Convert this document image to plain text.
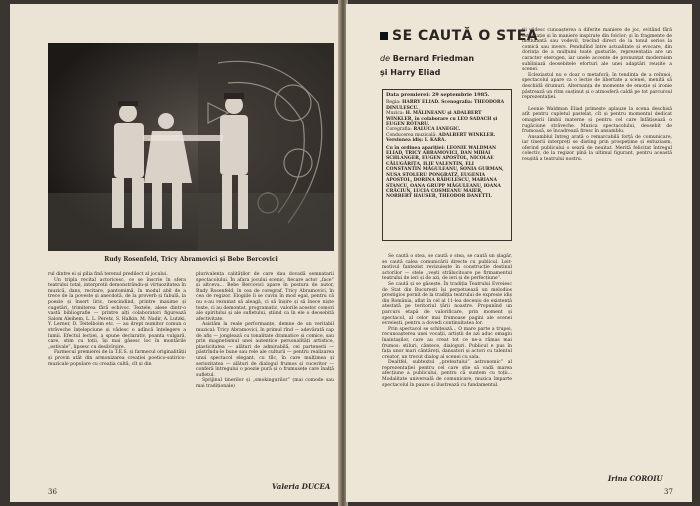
Rudy Rosenfeld, Tricy Abramovici și Bebe Bercovici

rul dintre ei și pilia fină terenul predilect al jocului.

Un tripla recital actoricesc, ce se înscrie în sfera teatrului total, interpretii demonstrându-și virtuozitatea în muzică, dans, recitare, pantomimă, în modul abil de a trece de la poveste și anecdotă, de la proverb și fabulă, la poezie și însert liric, nescindind, printre maxime și cugetări, trimiterea fără echivoc. Textele, alese dintr-o vastă bibliografie — printre alți colaboratori figurează Salom Aleihem, L. L. Peretz, S. Halkin, M. Nadir, A. Lutzki, Y. Lerner, D. Teitelboim etc. — au drept numitor comun o străveche înțelepciune și vădesc o adîncă înțelegere a lumii. Efectul lecției, a spune declarativ, poanta vulgară, care, stim cu toții, își mai găsesc loc în montările „estivale”, lipsesc cu desăvîrșire.

Farmecul premierei de la T.E.S. și farmecul originalității și provin atât din armonizarea creației poetico-satirico-muzicale populare cu creația cultă, cît și din

plurivalența calităților de care dau dovadă semnatarii spectacolului. În afara jocului scenic, fiecare actor „face” și altceva... Bebe Bercovici apare în postura de autor, Rudy Rosenfeld, în cea de coregraf, Tricy Abramovici, în cea de regizor. Elogiile îi se cuvin în mod egal, pentru că nu s-au rezumat să aleagă, ci să înșire și să înece niște texte, ci au demontat, programatic, valorile acestor comori ale spiritului și ale sufletului, știind ca în ele o deosebită afectivitate.

Asistăm la reale performanțe, demne de un veritabil muzical: Tricy Abramovici, în primul rînd — adevărată cap de afiș — jonglează cu tonalitate dramatice și comice, sau prin magnetismul unei autentice personalități artistice, plasticitatea — alături de admirabilă, cei partenerii — păstrîndu-le bune sau rele ale culturii — pentru realizarea unui spectacol elegant, cu tîlc, în care mulțimea și seriozitatea — alături de dialogul frumos și cuceritor — conferă întregului o poezie pură și o frumusețe care înalță sufletul.

Sprijinul tinerilor și „smokingurilor” (mai comode sau mai tradiționale)

Valeria DUCEA
36
SE CAUTĂ O STEA
de Bernard Friedman
și Harry Eliad
Data premierei: 29 septembrie 1985.
Regia: HARRY ELIAD. Scenografia: THEODORA DINULESCU.
Muzica: H. MĂLINEANU și ADALBERT WINKLER, în colaborare cu LEO SADACH și EUGEN ROTARU.
Coregrafia: RALUCA IANEGIC.
Conducerea muzicală: ADALBERT WINKLER. Versiunea idiș: I. KARA.
Cu în ordinea apariției: LEONIE WALDMAN ELIAD, TRICY ABRAMOVICI, DAN MIHAI SCHLANGER, EUGEN APOSTOL, NICOLAE CĂLUGĂRIȚA, ILIE VALENTIN, ELI CONSTANTIN MĂGULEANU, SONIA GURMAN, NUSA STOLERU PONGRATZ, EUGENIA APOSTOL, DORINA RĂDULESCU, MARIANA STANCU, OANA GRUPP MĂGULEANU, IOANA CRĂCIUN, LUCIA COSMEANU MAIER, NORBERT HAUSER, THEODOR DANETTI.

Se caută o stea, se caută o stea, se caută un șlagăr, se caută calea comunicării directe cu publicul. Leit-motivul fantezist revizuiește în construcție destinul actorilor — stele „vești strălucitoare pe firmamentul teatrului de ieri și de azi, de ieri și de perfecțiune”.

Se caută și se găsește. În tradiția Teatrului Evreiesc de Stat din București își perpetuează un melodios prestigios pornit de la tradiția teatrului de expresie idiș din România, aflat în cel al 11-lea deceniu de existență atestată pe teritoriul țării noastre. Propunînd un parcurs etapă de valorificare, prin moment și spectacol, al celor mai frumoase pagini ale scenei evreiești, pentru a dovedi continuitatea lor.

Prin spectacol se schițează... O mare parte a trupei, recunoașterea unei vocații, artiștii de azi aduc omagiu înaintașilor, care au creat tot ce ne-a rămas mai frumos: stiluri, cântece, dialoguri. Publicul e pus în fața unor mari cântăreți, dansatori și actori cu talentul creator, un trecut dialog al scenei cu sala.

Dealtfel, subtextul „pretextului” astronomic” al reprezentației pentru cel care știe să vadă marea afecțiune a publicului, pentru că suntem cu toții... Modalitate universală de comunicare, muzica împarte spectacolul în pauze și ilustrează cu fundamental.

ții vădesc cunoașterea a diferite maniere de joc, evitând fără ostentație și în maniere inspirate din folclor; și în fragmente de modulantă sau vodevil, trecînd direct de la tonul serios la comică sau invers. Pendulînd între actualitate și evocare, din dorința de a mulțumi toate gusturile, reprezentația are un caracter eterogen, iar unele accente de pronunțat modernism subliniază deosebitele eforturi ale unei adaptări reușite a scenei.

Ecleziastul nu e doar o metaforă; în tendința de a reînnoi, spectacolul apare ca o lecție de libertate a scenei, menită să deschidă drumuri. Alternanța de momente de emoție și ironie păstrează un ritm susținut și o atmosferă caldă pe tot parcursul reprezentației.

Leonie Waldman Eliad primește aplauze la scena deschisă atît pentru cupletul pastelat, cît și pentru momentul dedicat omagierii limbii materne și pentru cel care înfățișează o rugăciune străveche. Muzica spectacolului, deosebit de frumoasă, se încadrează firesc în ansamblu.

Ansamblul întreg arată o remarcabilă forță de comunicare, iar tinerii interpreți se disting prin prospețime și entuziasm, oferind publicului o seară de neuitat. Merită felicitat întregul colectiv, de la regizor pînă la ultimul figurant, pentru această reușită a teatrului nostru.

Irina COROIU
37
